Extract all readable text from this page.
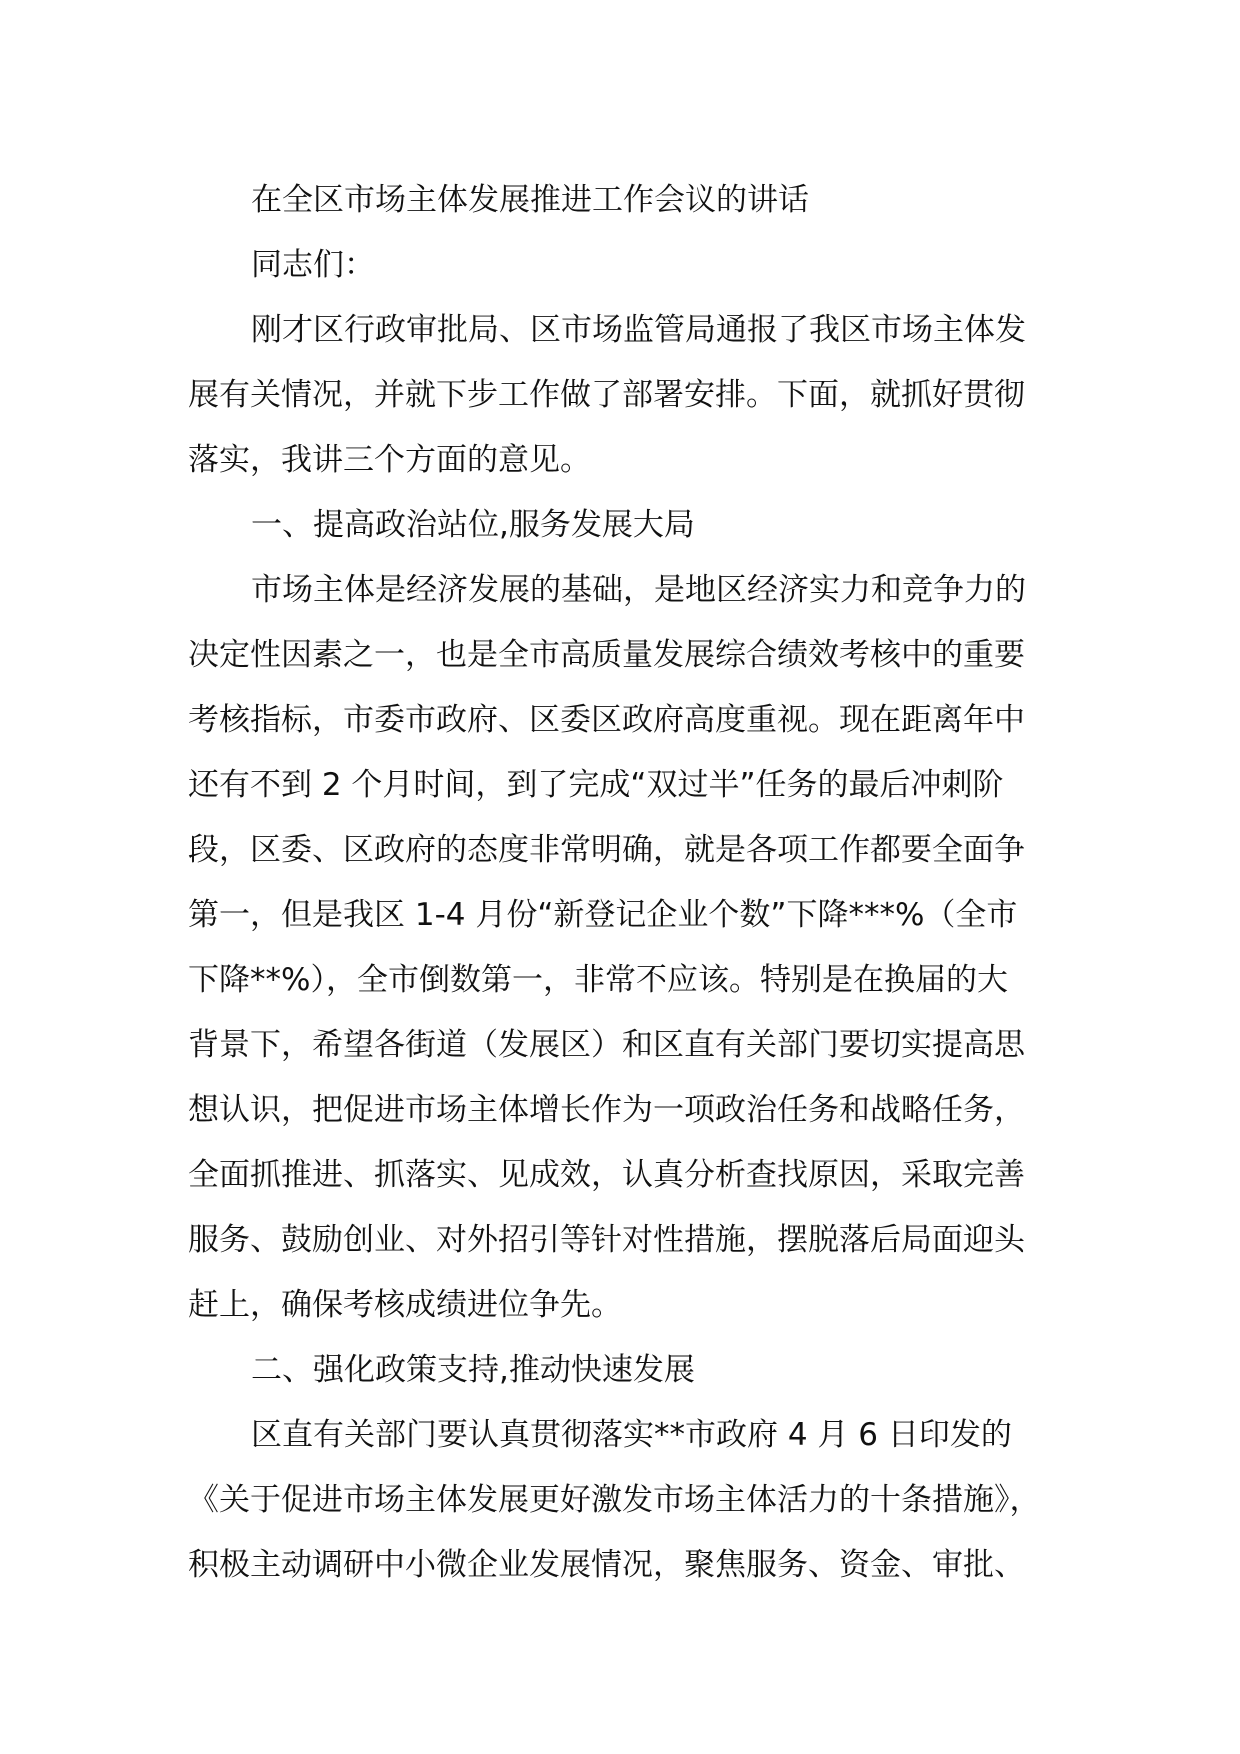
在全区市场主体发展推进工作会议的讲话
同志们：
刚才区行政审批局、区市场监管局通报了我区市场主体发
展有关情况，并就下步工作做了部署安排。下面，就抓好贯彻
落实，我讲三个方面的意见。
一、提高政治站位,服务发展大局
市场主体是经济发展的基础，是地区经济实力和竞争力的
决定性因素之一，也是全市高质量发展综合绩效考核中的重要
考核指标，市委市政府、区委区政府高度重视。现在距离年中
还有不到 2 个月时间，到了完成“双过半”任务的最后冲刺阶
段，区委、区政府的态度非常明确，就是各项工作都要全面争
第一，但是我区 1-4 月份“新登记企业个数”下降***%（全市
下降**%），全市倒数第一，非常不应该。特别是在换届的大
背景下，希望各街道（发展区）和区直有关部门要切实提高思
想认识，把促进市场主体增长作为一项政治任务和战略任务，
全面抓推进、抓落实、见成效，认真分析查找原因，采取完善
服务、鼓励创业、对外招引等针对性措施，摆脱落后局面迎头
赶上，确保考核成绩进位争先。
二、强化政策支持,推动快速发展
区直有关部门要认真贯彻落实**市政府 4 月 6 日印发的
《关于促进市场主体发展更好激发市场主体活力的十条措施》，
积极主动调研中小微企业发展情况，聚焦服务、资金、审批、
